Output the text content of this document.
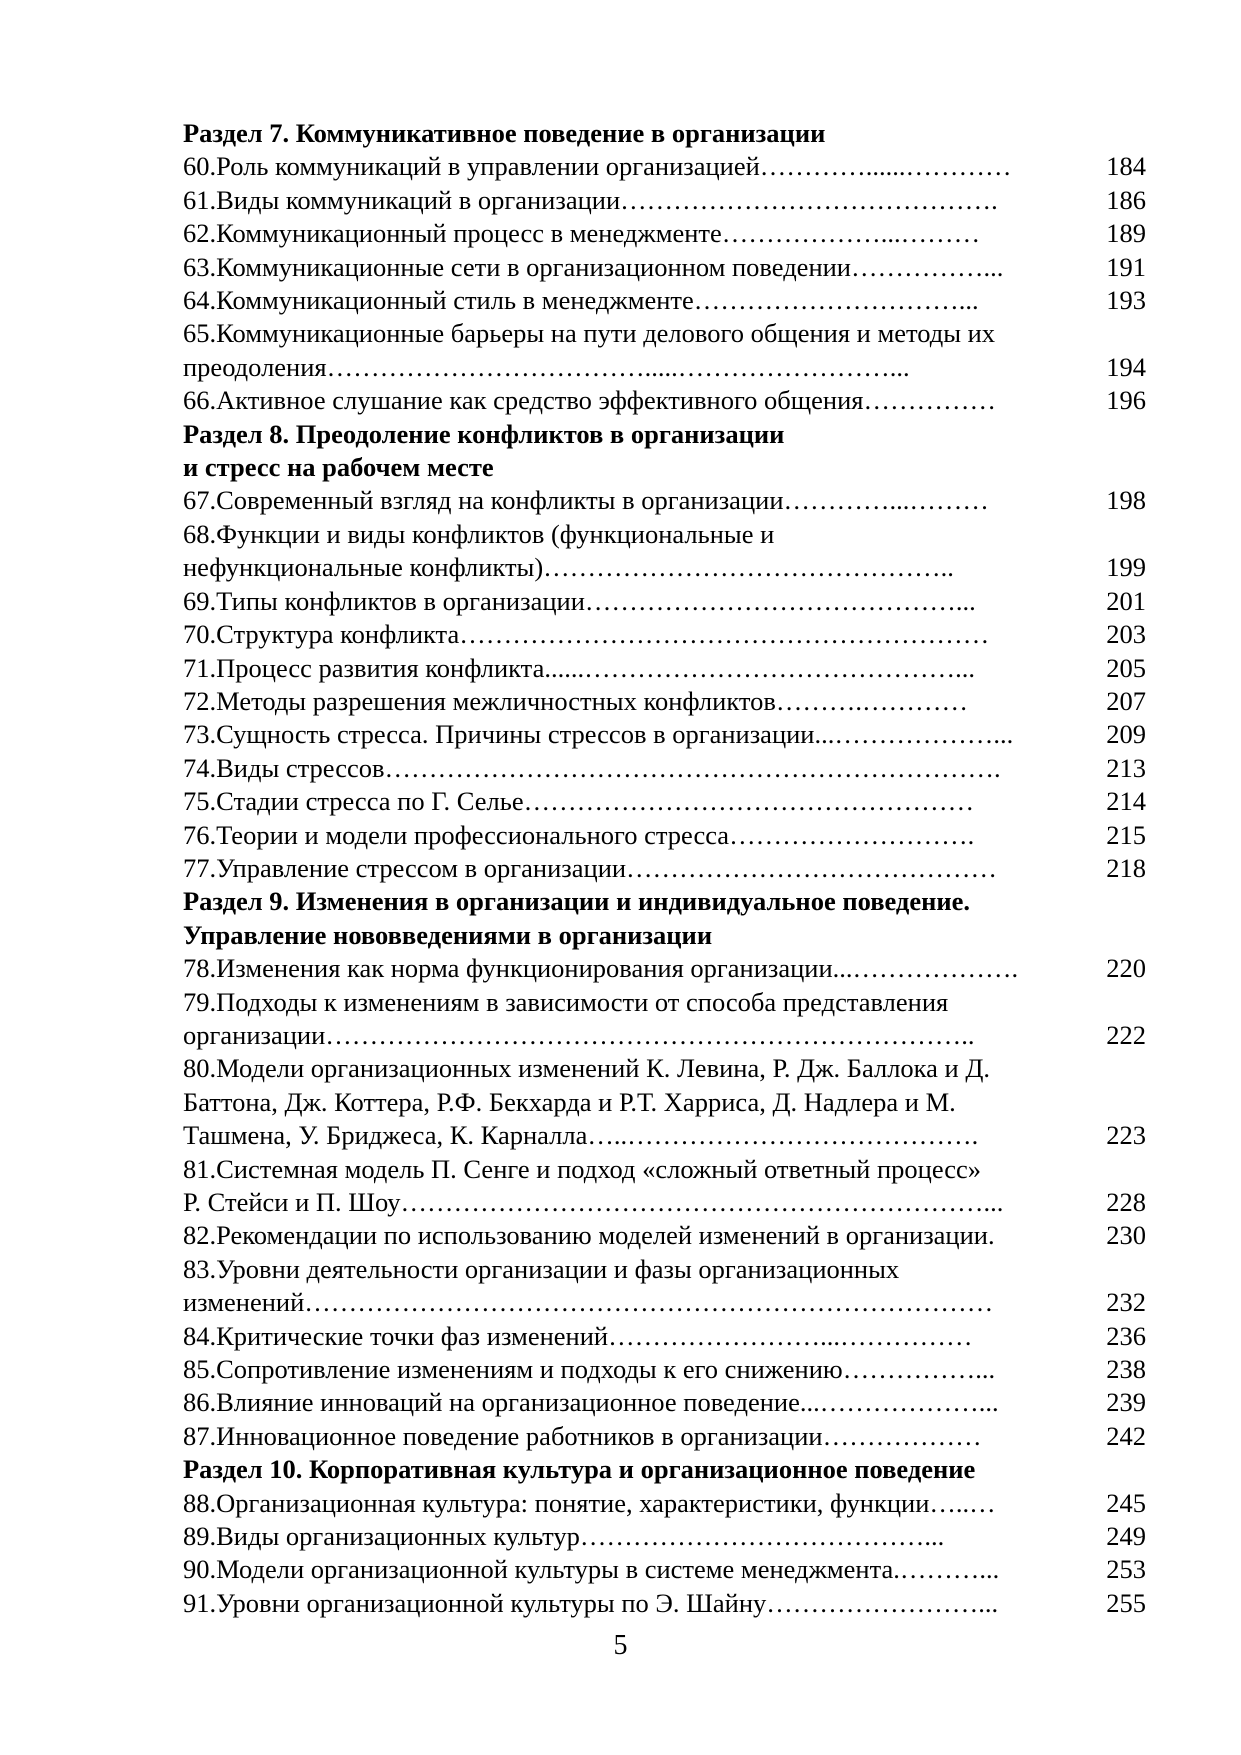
Раздел 7. Коммуникативное поведение в организации
60.Роль коммуникаций в управлении организацией…………......…………	184
61.Виды коммуникаций в организации…………………………………….	186
62.Коммуникационный процесс в менеджменте………………...………	189
63.Коммуникационные сети в организационном поведении……………...	191
64.Коммуникационный стиль в менеджменте…………………………...	193
65.Коммуникационные барьеры на пути делового общения и методы их
преодоления……………………………….....……………………...	194
66.Активное слушание как средство эффективного общения……………	196
Раздел 8. Преодоление конфликтов в организации
и стресс на рабочем месте
67.Современный взгляд на конфликты в организации…………...………	198
68.Функции и виды конфликтов (функциональные и
нефункциональные конфликты)………………………………………..	199
69.Типы конфликтов в организации……………………………………...	201
70.Структура конфликта……………………………………………………	203
71.Процесс развития конфликта......……………………………………...	205
72.Методы разрешения межличностных конфликтов……….…………	207
73.Сущность стресса. Причины стрессов в организации...………………...	209
74.Виды стрессов…………………………………………………………….	213
75.Стадии стресса по Г. Селье……………………………………………	214
76.Теории и модели профессионального стресса……………………….	215
77.Управление стрессом в организации……………………………………	218
Раздел 9. Изменения в организации и индивидуальное поведение.
Управление нововведениями в организации
78.Изменения как норма функционирования организации...……………….	220
79.Подходы к изменениям в зависимости от способа представления
организации………………………………………………………………..	222
80.Модели организационных изменений К. Левина, Р. Дж. Баллока и Д.
Баттона, Дж. Коттера, Р.Ф. Бекхарда и Р.Т. Харриса, Д. Надлера и М.
Ташмена, У. Бриджеса, К. Карналла…..………………………………….	223
81.Системная модель П. Сенге и подход «сложный ответный процесс»
Р. Стейси и П. Шоу…………………………………………………………...	228
82.Рекомендации по использованию моделей изменений в организации.	230
83.Уровни деятельности организации и фазы организационных
изменений……………………………………………………………………	232
84.Критические точки фаз изменений……………………...……………	236
85.Сопротивление изменениям и подходы к его снижению……………...	238
86.Влияние инноваций на организационное поведение...………………...	239
87.Инновационное поведение работников в организации………………	242
Раздел 10. Корпоративная культура и организационное поведение
88.Организационная культура: понятие, характеристики, функции…..…	245
89.Виды организационных культур…………………………………...	249
90.Модели организационной культуры в системе менеджмента.………...	253
91.Уровни организационной культуры по Э. Шайну……………………...	255
5
